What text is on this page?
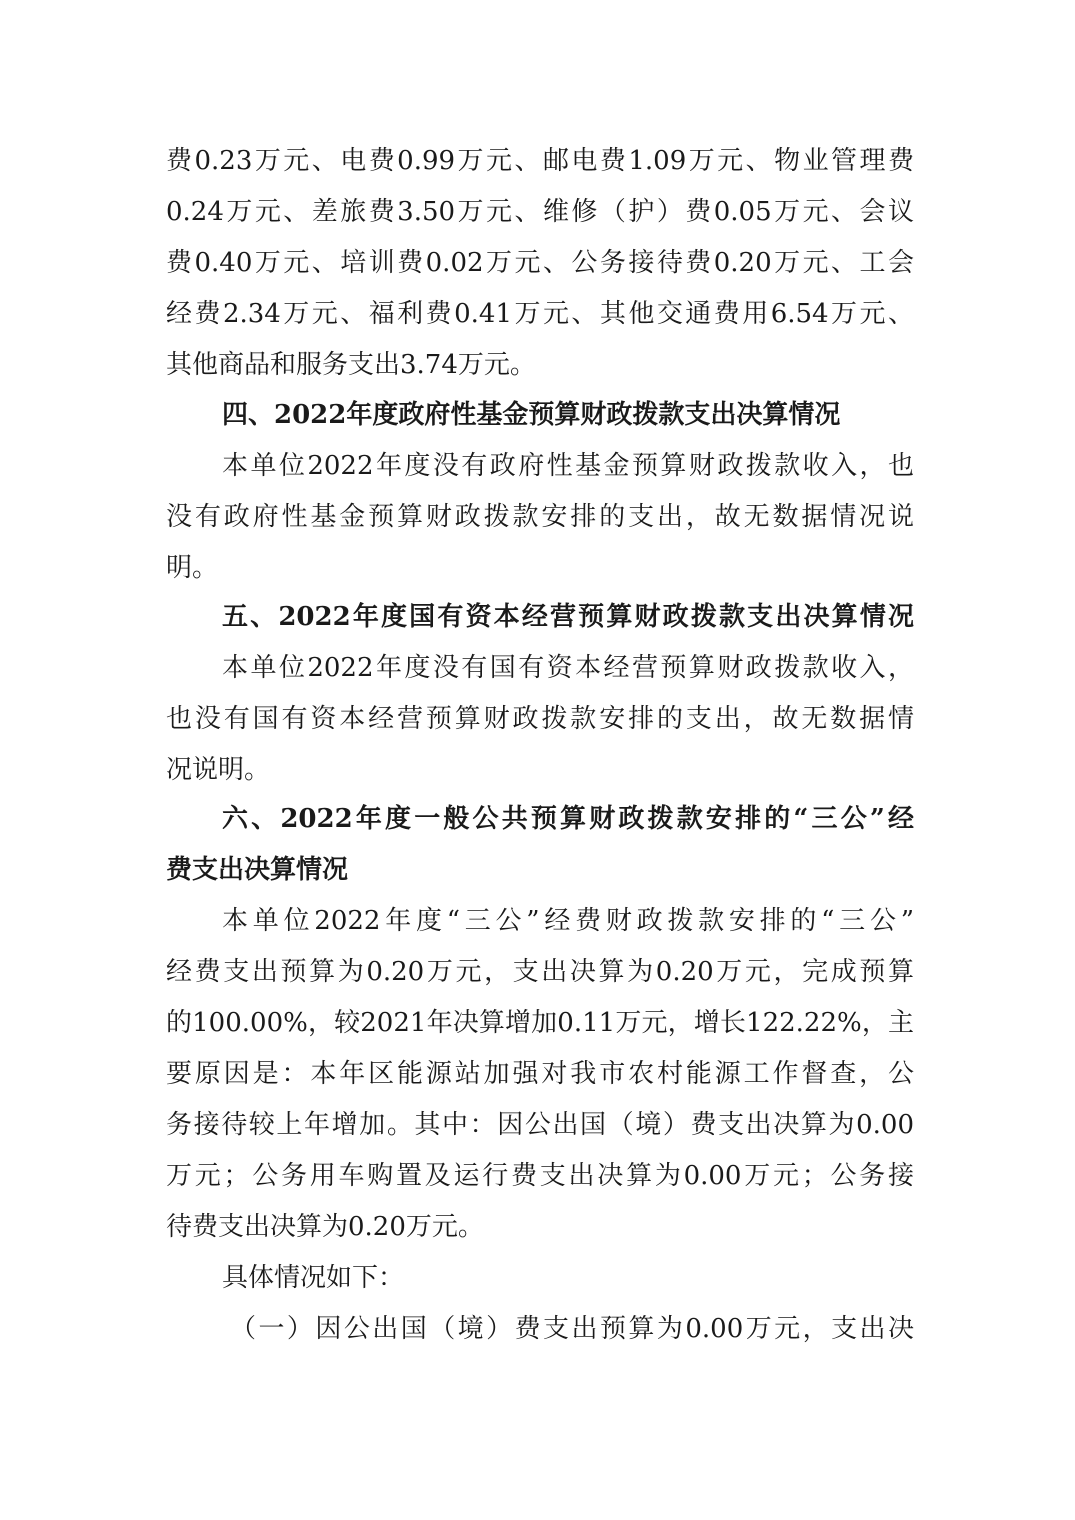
费0.23万元、电费0.99万元、邮电费1.09万元、物业管理费
0.24万元、差旅费3.50万元、维修（护）费0.05万元、会议
费0.40万元、培训费0.02万元、公务接待费0.20万元、工会
经费2.34万元、福利费0.41万元、其他交通费用6.54万元、
其他商品和服务支出3.74万元。
四、2022年度政府性基金预算财政拨款支出决算情况
本单位2022年度没有政府性基金预算财政拨款收入，也
没有政府性基金预算财政拨款安排的支出，故无数据情况说
明。
五、2022年度国有资本经营预算财政拨款支出决算情况
本单位2022年度没有国有资本经营预算财政拨款收入，
也没有国有资本经营预算财政拨款安排的支出，故无数据情
况说明。
六、2022年度一般公共预算财政拨款安排的“三公”经
费支出决算情况
本单位2022年度“三公”经费财政拨款安排的“三公”
经费支出预算为0.20万元，支出决算为0.20万元，完成预算
的100.00%，较2021年决算增加0.11万元，增长122.22%，主
要原因是：本年区能源站加强对我市农村能源工作督查，公
务接待较上年增加。其中：因公出国（境）费支出决算为0.00
万元；公务用车购置及运行费支出决算为0.00万元；公务接
待费支出决算为0.20万元。
具体情况如下：
（一）因公出国（境）费支出预算为0.00万元，支出决
